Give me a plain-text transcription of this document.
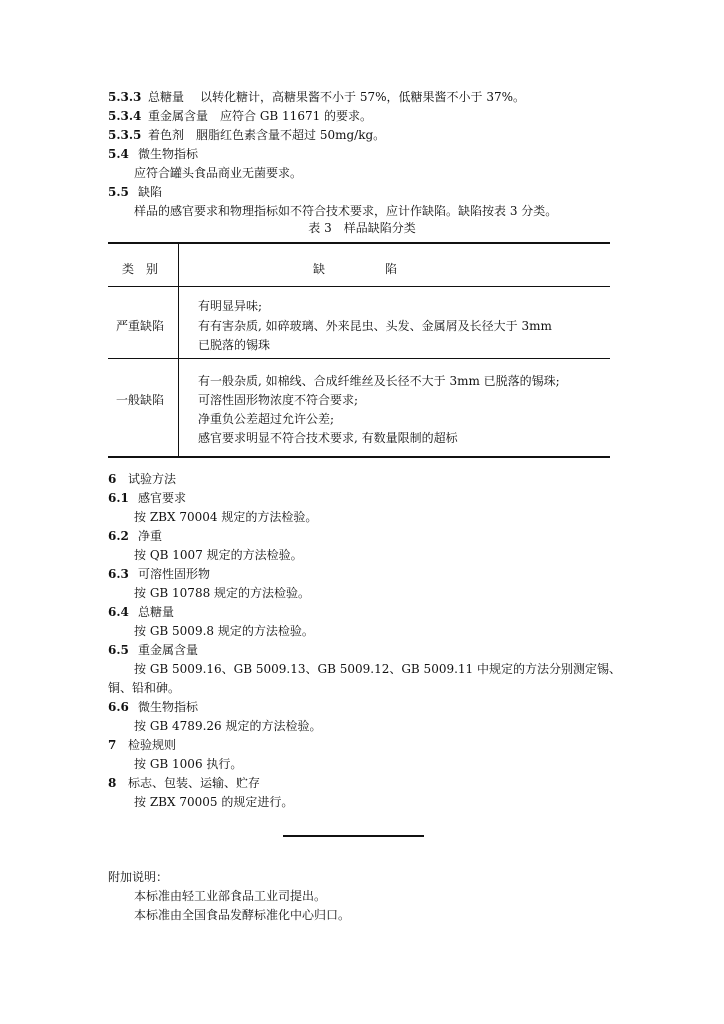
5.3.3 总糖量 以转化糖计，高糖果酱不小于 57%，低糖果酱不小于 37%。
5.3.4 重金属含量 应符合 GB 11671 的要求。
5.3.5 着色剂 胭脂红色素含量不超过 50mg/kg。
5.4 微生物指标
应符合罐头食品商业无菌要求。
5.5 缺陷
样品的感官要求和物理指标如不符合技术要求，应计作缺陷。缺陷按表 3 分类。
表 3　样品缺陷分类
类　别	缺　　　　　陷
严重缺陷
有明显异味;
有有害杂质, 如碎玻璃、外来昆虫、头发、金属屑及长径大于 3mm
已脱落的锡珠
一般缺陷
有一般杂质, 如棉线、合成纤维丝及长径不大于 3mm 已脱落的锡珠;
可溶性固形物浓度不符合要求;
净重负公差超过允许公差;
感官要求明显不符合技术要求, 有数量限制的超标
6 试验方法
6.1 感官要求
按 ZBX 70004 规定的方法检验。
6.2 净重
按 QB 1007 规定的方法检验。
6.3 可溶性固形物
按 GB 10788 规定的方法检验。
6.4 总糖量
按 GB 5009.8 规定的方法检验。
6.5 重金属含量
按 GB 5009.16、GB 5009.13、GB 5009.12、GB 5009.11 中规定的方法分别测定锡、
铜、铅和砷。
6.6 微生物指标
按 GB 4789.26 规定的方法检验。
7 检验规则
按 GB 1006 执行。
8 标志、包装、运输、贮存
按 ZBX 70005 的规定进行。
附加说明：
本标准由轻工业部食品工业司提出。
本标准由全国食品发酵标准化中心归口。
